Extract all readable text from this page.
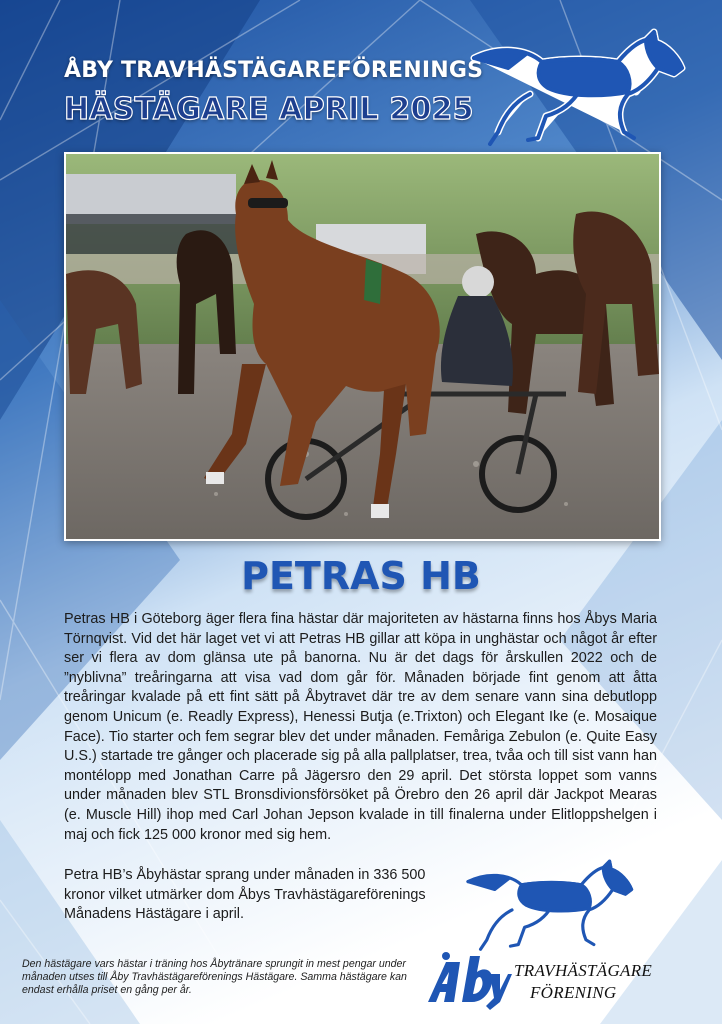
ÅBY TRAVHÄSTÄGAREFÖRENINGS
HÄSTÄGARE APRIL 2025
PETRAS HB

Petras HB i Göteborg äger flera fina hästar där majoriteten av hästarna finns hos Åbys Maria Törnqvist. Vid det här laget vet vi att Petras HB gillar att köpa in unghästar och något år efter ser vi flera av dom glänsa ute på banorna. Nu är det dags för årskullen 2022 och de ”nyblivna” treåringarna att visa vad dom går för. Månaden började fint genom att åtta treåringar kvalade på ett fint sätt på Åbytravet där tre av dem senare vann sina debutlopp genom Unicum (e. Readly Express), Henessi Butja (e.Trixton) och Elegant Ike (e. Mosaique Face). Tio starter och fem segrar blev det under månaden. Femåriga Zebulon (e. Quite Easy U.S.) startade tre gånger och placerade sig på alla pallplatser, trea, tvåa och till sist vann han montélopp med Jonathan Carre på Jägersro den 29 april. Det största loppet som vanns under månaden blev STL Bronsdivionsförsöket på Örebro den 26 april där Jackpot Mearas (e. Muscle Hill) ihop med Carl Johan Jepson kvalade in till finalerna under Elitloppshelgen i maj och fick 125 000 kronor med sig hem.

Petra HB’s Åbyhästar sprang under månaden in 336 500 kronor vilket utmärker dom Åbys Travhästägareförenings Månadens Hästägare i april.

Den hästägare vars hästar i träning hos Åbytränare sprungit in mest pengar under månaden utses till Åby Travhästägareförenings Hästägare. Samma hästägare kan endast erhålla priset en gång per år.

TRAVHÄSTÄGARE
FÖRENING
